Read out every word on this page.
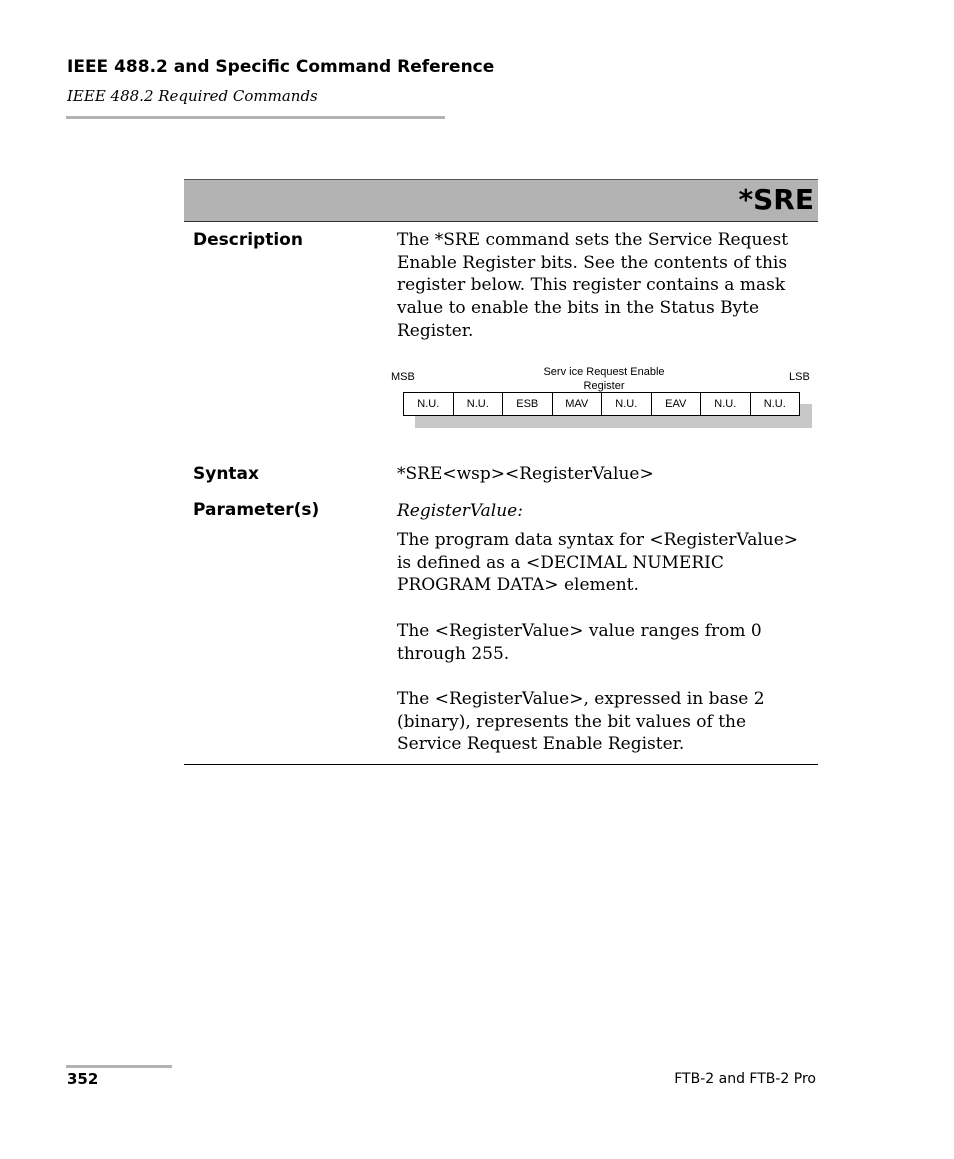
IEEE 488.2 and Specific Command Reference
IEEE 488.2 Required Commands
*SRE
Description	The *SRE command sets the Service Request Enable Register bits. See the contents of this register below. This register contains a mask value to enable the bits in the Status Byte Register.
MSB	Serv ice Request Enable Register
LSB
N.U.	N.U.	ESB	MAV	N.U.	EAV	N.U.	N.U.
Syntax	*SRE<wsp><RegisterValue>
Parameter(s)	RegisterValue:
The program data syntax for <RegisterValue> is defined as a <DECIMAL NUMERIC PROGRAM DATA> element.
The <RegisterValue> value ranges from 0 through 255.
The <RegisterValue>, expressed in base 2 (binary), represents the bit values of the Service Request Enable Register.
352	FTB-2 and FTB-2 Pro
